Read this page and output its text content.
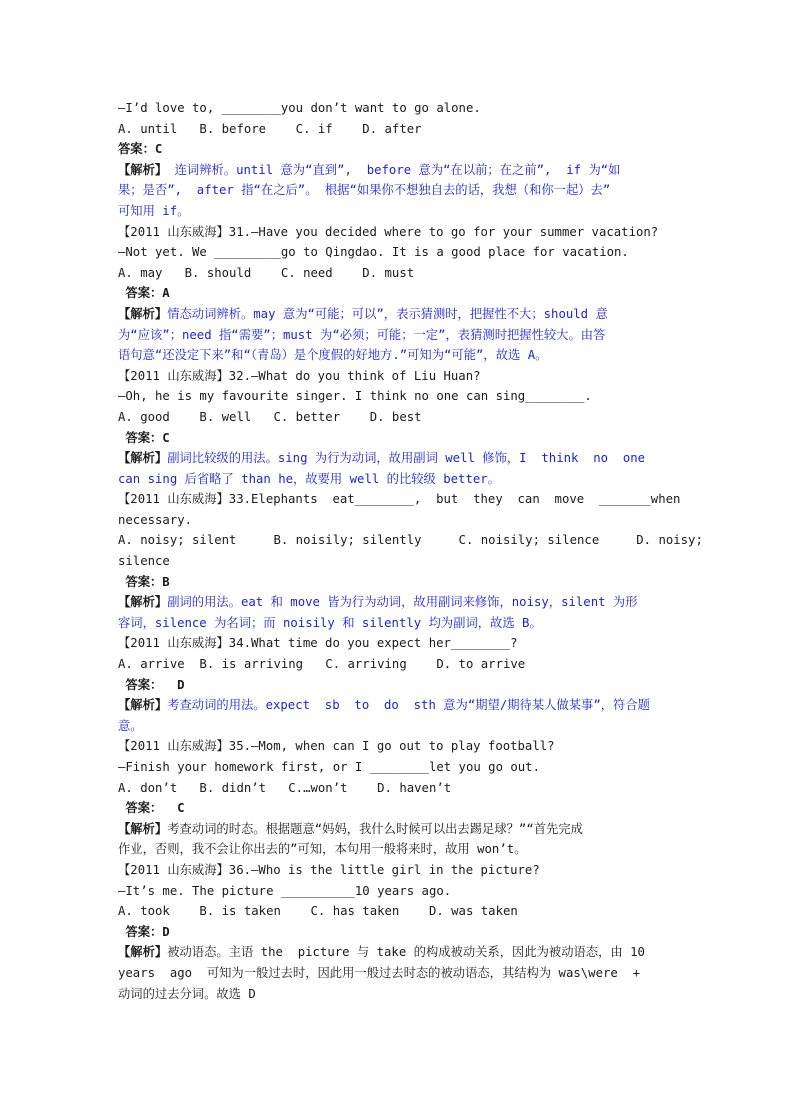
—I’d love to, ________you don’t want to go alone.
A. until   B. before    C. if    D. after
答案：C
【解析】 连词辨析。until 意为“直到”,  before 意为“在以前；在之前”,  if 为“如
果；是否”,  after 指“在之后”。 根据“如果你不想独自去的话，我想（和你一起）去”
可知用 if。
【2011 山东威海】31.—Have you decided where to go for your summer vacation?
—Not yet. We _________go to Qingdao. It is a good place for vacation.
A. may   B. should    C. need    D. must
答案：A
【解析】情态动词辨析。may 意为“可能；可以”，表示猜测时，把握性不大；should 意
为“应该”；need 指“需要”；must 为“必须；可能；一定”，表猜测时把握性较大。由答
语句意“还没定下来”和“（青岛）是个度假的好地方.”可知为“可能”，故选 A。
【2011 山东威海】32.—What do you think of Liu Huan?
—Oh, he is my favourite singer. I think no one can sing________.
A. good    B. well   C. better    D. best
答案：C
【解析】副词比较级的用法。sing 为行为动词，故用副词 well 修饰，I  think  no  one
can sing 后省略了 than he，故要用 well 的比较级 better。
【2011 山东威海】33.Elephants  eat________,  but  they  can  move  _______when
necessary.
A. noisy; silent     B. noisily; silently     C. noisily; silence     D. noisy;
silence
答案：B
【解析】副词的用法。eat 和 move 皆为行为动词，故用副词来修饰，noisy，silent 为形
容词，silence 为名词；而 noisily 和 silently 均为副词，故选 B。
【2011 山东威海】34.What time do you expect her________?
A. arrive  B. is arriving   C. arriving    D. to arrive
答案：  D
【解析】考查动词的用法。expect  sb  to  do  sth 意为“期望/期待某人做某事”，符合题
意。
【2011 山东威海】35.—Mom, when can I go out to play football?
—Finish your homework first, or I ________let you go out.
A. don’t   B. didn’t   C.…won’t    D. haven’t
答案：  C
【解析】考查动词的时态。根据题意“妈妈，我什么时候可以出去踢足球？”“首先完成
作业，否则，我不会让你出去的”可知，本句用一般将来时，故用 won’t。
【2011 山东威海】36.—Who is the little girl in the picture?
—It’s me. The picture __________10 years ago.
A. took    B. is taken    C. has taken    D. was taken
答案：D
【解析】被动语态。主语 the  picture 与 take 的构成被动关系，因此为被动语态，由 10
years  ago  可知为一般过去时，因此用一般过去时态的被动语态，其结构为 was\were  +
动词的过去分词。故选 D
